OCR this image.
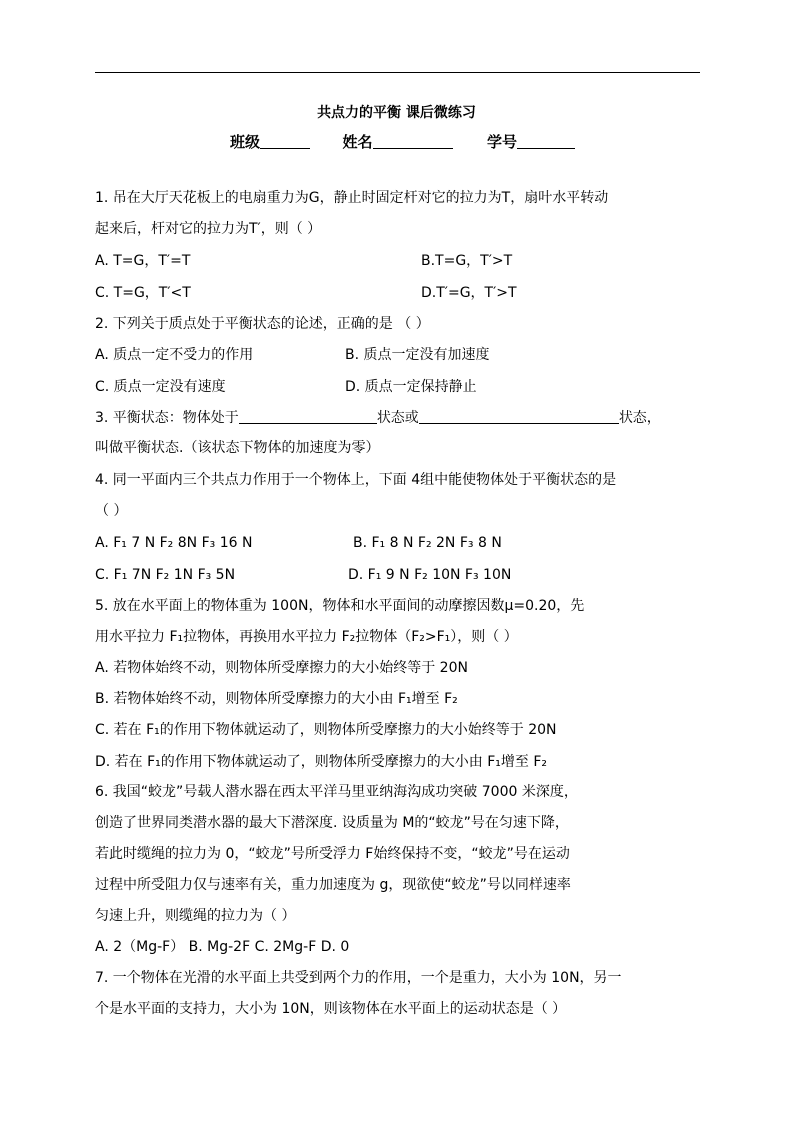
共点力的平衡 课后微练习
班级	姓名	学号
1. 吊在大厅天花板上的电扇重力为G，静止时固定杆对它的拉力为T，扇叶水平转动
起来后，杆对它的拉力为T′，则（ ）
A. T=G，T′=T	B.T=G，T′>T
C. T=G，T′<T	D.T′=G，T′>T
2. 下列关于质点处于平衡状态的论述，正确的是 （ ）
A. 质点一定不受力的作用	B. 质点一定没有加速度
C. 质点一定没有速度	D. 质点一定保持静止
3. 平衡状态：物体处于	状态或	状态，
叫做平衡状态.（该状态下物体的加速度为零）
4. 同一平面内三个共点力作用于一个物体上，下面 4组中能使物体处于平衡状态的是
（ ）
A. F₁ 7 N F₂ 8N F₃ 16 N	B. F₁ 8 N F₂ 2N F₃ 8 N
C. F₁ 7N F₂ 1N F₃ 5N	D. F₁ 9 N F₂ 10N F₃ 10N
5. 放在水平面上的物体重为 100N，物体和水平面间的动摩擦因数μ=0.20，先
用水平拉力 F₁拉物体，再换用水平拉力 F₂拉物体（F₂>F₁），则（ ）
A. 若物体始终不动，则物体所受摩擦力的大小始终等于 20N
B. 若物体始终不动，则物体所受摩擦力的大小由 F₁增至 F₂
C. 若在 F₁的作用下物体就运动了，则物体所受摩擦力的大小始终等于 20N
D. 若在 F₁的作用下物体就运动了，则物体所受摩擦力的大小由 F₁增至 F₂
6. 我国“蛟龙”号载人潜水器在西太平洋马里亚纳海沟成功突破 7000 米深度，
创造了世界同类潜水器的最大下潜深度. 设质量为 M的“蛟龙”号在匀速下降，
若此时缆绳的拉力为 0，“蛟龙”号所受浮力 F始终保持不变，“蛟龙”号在运动
过程中所受阻力仅与速率有关，重力加速度为 g，现欲使“蛟龙”号以同样速率
匀速上升，则缆绳的拉力为（ ）
A. 2（Mg-F） B. Mg-2F C. 2Mg-F D. 0
7. 一个物体在光滑的水平面上共受到两个力的作用，一个是重力，大小为 10N，另一
个是水平面的支持力，大小为 10N，则该物体在水平面上的运动状态是（ ）
